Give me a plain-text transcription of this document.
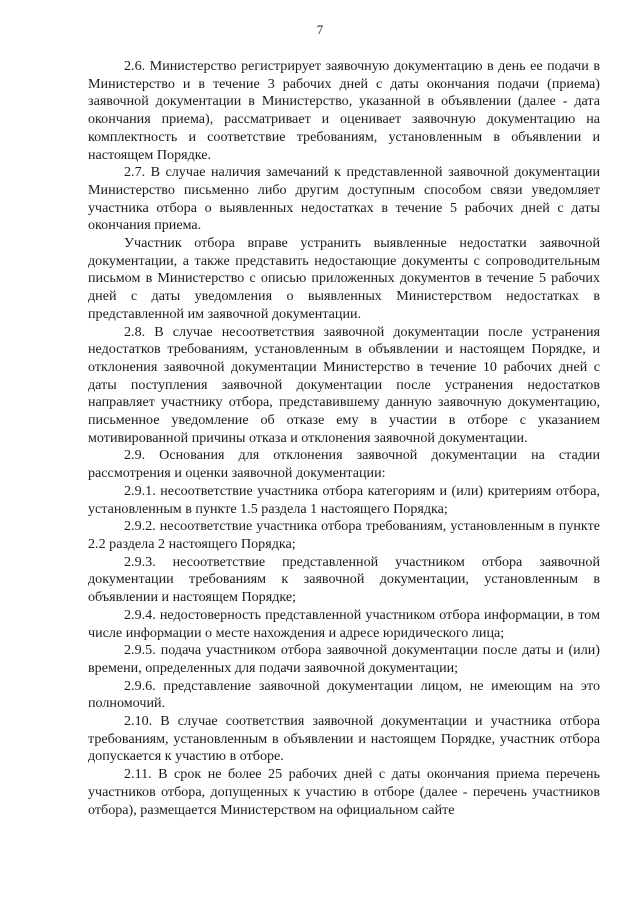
7

2.6. Министерство регистрирует заявочную документацию в день ее подачи в Министерство и в течение 3 рабочих дней с даты окончания подачи (приема) заявочной документации в Министерство, указанной в объявлении (далее - дата окончания приема), рассматривает и оценивает заявочную документацию на комплектность и соответствие требованиям, установленным в объявлении и настоящем Порядке.

2.7. В случае наличия замечаний к представленной заявочной документации Министерство письменно либо другим доступным способом связи уведомляет участника отбора о выявленных недостатках в течение 5 рабочих дней с даты окончания приема.

Участник отбора вправе устранить выявленные недостатки заявочной документации, а также представить недостающие документы с сопроводительным письмом в Министерство с описью приложенных документов в течение 5 рабочих дней с даты уведомления о выявленных Министерством недостатках в представленной им заявочной документации.

2.8. В случае несоответствия заявочной документации после устранения недостатков требованиям, установленным в объявлении и настоящем Порядке, и отклонения заявочной документации Министерство в течение 10 рабочих дней с даты поступления заявочной документации после устранения недостатков направляет участнику отбора, представившему данную заявочную документацию, письменное уведомление об отказе ему в участии в отборе с указанием мотивированной причины отказа и отклонения заявочной документации.

2.9. Основания для отклонения заявочной документации на стадии рассмотрения и оценки заявочной документации:

2.9.1. несоответствие участника отбора категориям и (или) критериям отбора, установленным в пункте 1.5 раздела 1 настоящего Порядка;

2.9.2. несоответствие участника отбора требованиям, установленным в пункте 2.2 раздела 2 настоящего Порядка;

2.9.3. несоответствие представленной участником отбора заявочной документации требованиям к заявочной документации, установленным в объявлении и настоящем Порядке;

2.9.4. недостоверность представленной участником отбора информации, в том числе информации о месте нахождения и адресе юридического лица;

2.9.5. подача участником отбора заявочной документации после даты и (или) времени, определенных для подачи заявочной документации;

2.9.6. представление заявочной документации лицом, не имеющим на это полномочий.

2.10. В случае соответствия заявочной документации и участника отбора требованиям, установленным в объявлении и настоящем Порядке, участник отбора допускается к участию в отборе.

2.11. В срок не более 25 рабочих дней с даты окончания приема перечень участников отбора, допущенных к участию в отборе (далее - перечень участников отбора), размещается Министерством на официальном сайте
